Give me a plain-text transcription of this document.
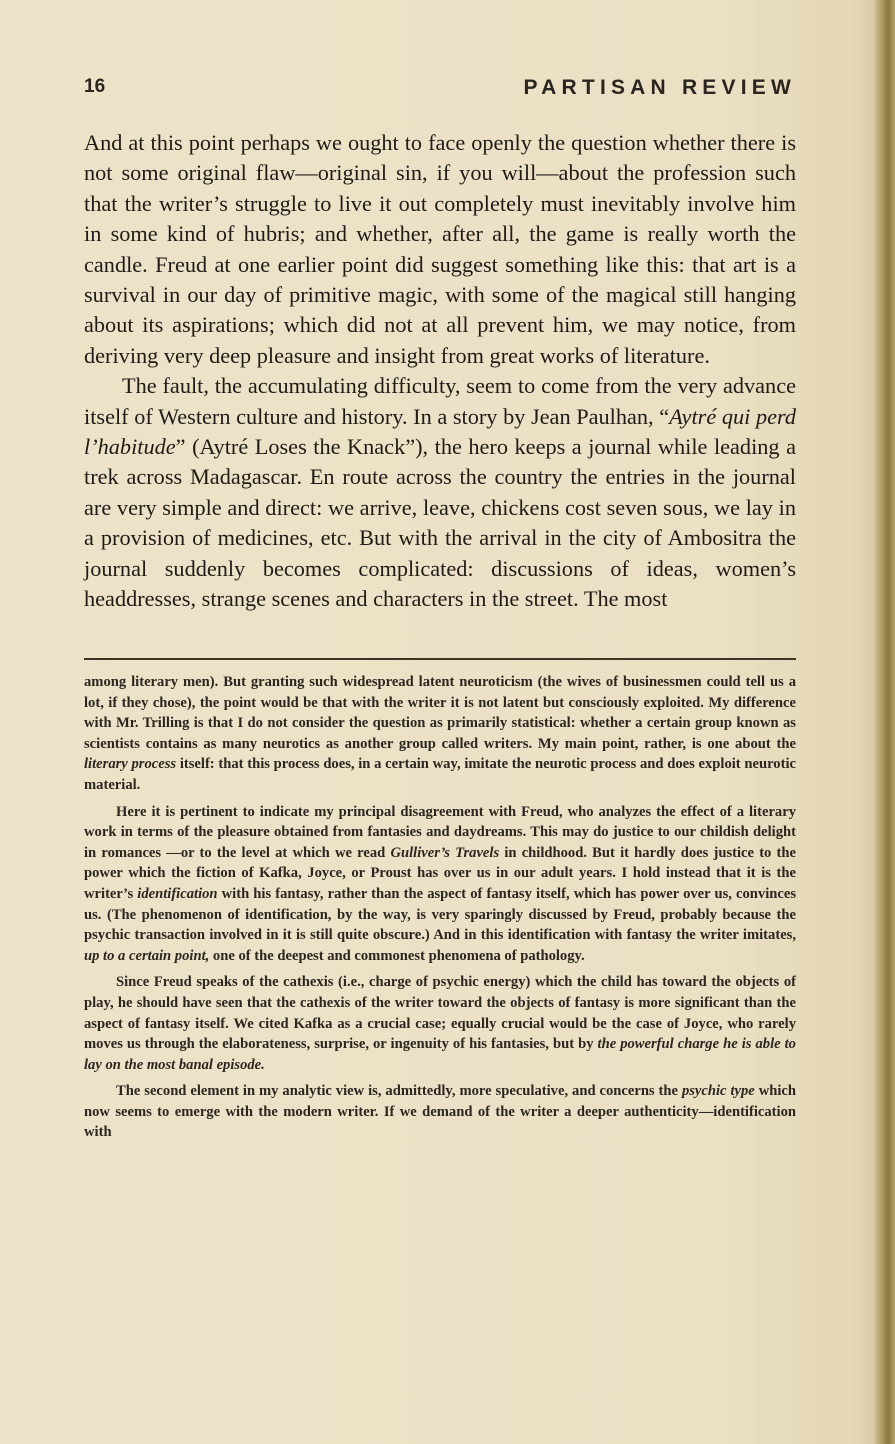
16	PARTISAN REVIEW

And at this point perhaps we ought to face openly the question whether there is not some original flaw—original sin, if you will—about the profession such that the writer’s struggle to live it out completely must inevitably involve him in some kind of hubris; and whether, after all, the game is really worth the candle. Freud at one earlier point did suggest something like this: that art is a survival in our day of primitive magic, with some of the magical still hanging about its aspirations; which did not at all prevent him, we may notice, from deriving very deep pleasure and insight from great works of literature.

The fault, the accumulating difficulty, seem to come from the very advance itself of Western culture and history. In a story by Jean Paulhan, “Aytré qui perd l’habitude” (Aytré Loses the Knack”), the hero keeps a journal while leading a trek across Madagascar. En route across the country the entries in the journal are very simple and direct: we arrive, leave, chickens cost seven sous, we lay in a provision of medicines, etc. But with the arrival in the city of Ambositra the journal suddenly becomes complicated: discussions of ideas, women’s headdresses, strange scenes and characters in the street. The most

among literary men). But granting such widespread latent neuroticism (the wives of businessmen could tell us a lot, if they chose), the point would be that with the writer it is not latent but consciously exploited. My difference with Mr. Trilling is that I do not consider the question as primarily statistical: whether a certain group known as scientists contains as many neurotics as another group called writers. My main point, rather, is one about the literary process itself: that this process does, in a certain way, imitate the neurotic process and does exploit neurotic material.

Here it is pertinent to indicate my principal disagreement with Freud, who analyzes the effect of a literary work in terms of the pleasure obtained from fantasies and daydreams. This may do justice to our childish delight in romances —or to the level at which we read Gulliver’s Travels in childhood. But it hardly does justice to the power which the fiction of Kafka, Joyce, or Proust has over us in our adult years. I hold instead that it is the writer’s identification with his fantasy, rather than the aspect of fantasy itself, which has power over us, convinces us. (The phenomenon of identification, by the way, is very sparingly discussed by Freud, probably because the psychic transaction involved in it is still quite obscure.) And in this identification with fantasy the writer imitates, up to a certain point, one of the deepest and commonest phenomena of pathology.

Since Freud speaks of the cathexis (i.e., charge of psychic energy) which the child has toward the objects of play, he should have seen that the cathexis of the writer toward the objects of fantasy is more significant than the aspect of fantasy itself. We cited Kafka as a crucial case; equally crucial would be the case of Joyce, who rarely moves us through the elaborateness, surprise, or ingenuity of his fantasies, but by the powerful charge he is able to lay on the most banal episode.

The second element in my analytic view is, admittedly, more speculative, and concerns the psychic type which now seems to emerge with the modern writer. If we demand of the writer a deeper authenticity—identification with
